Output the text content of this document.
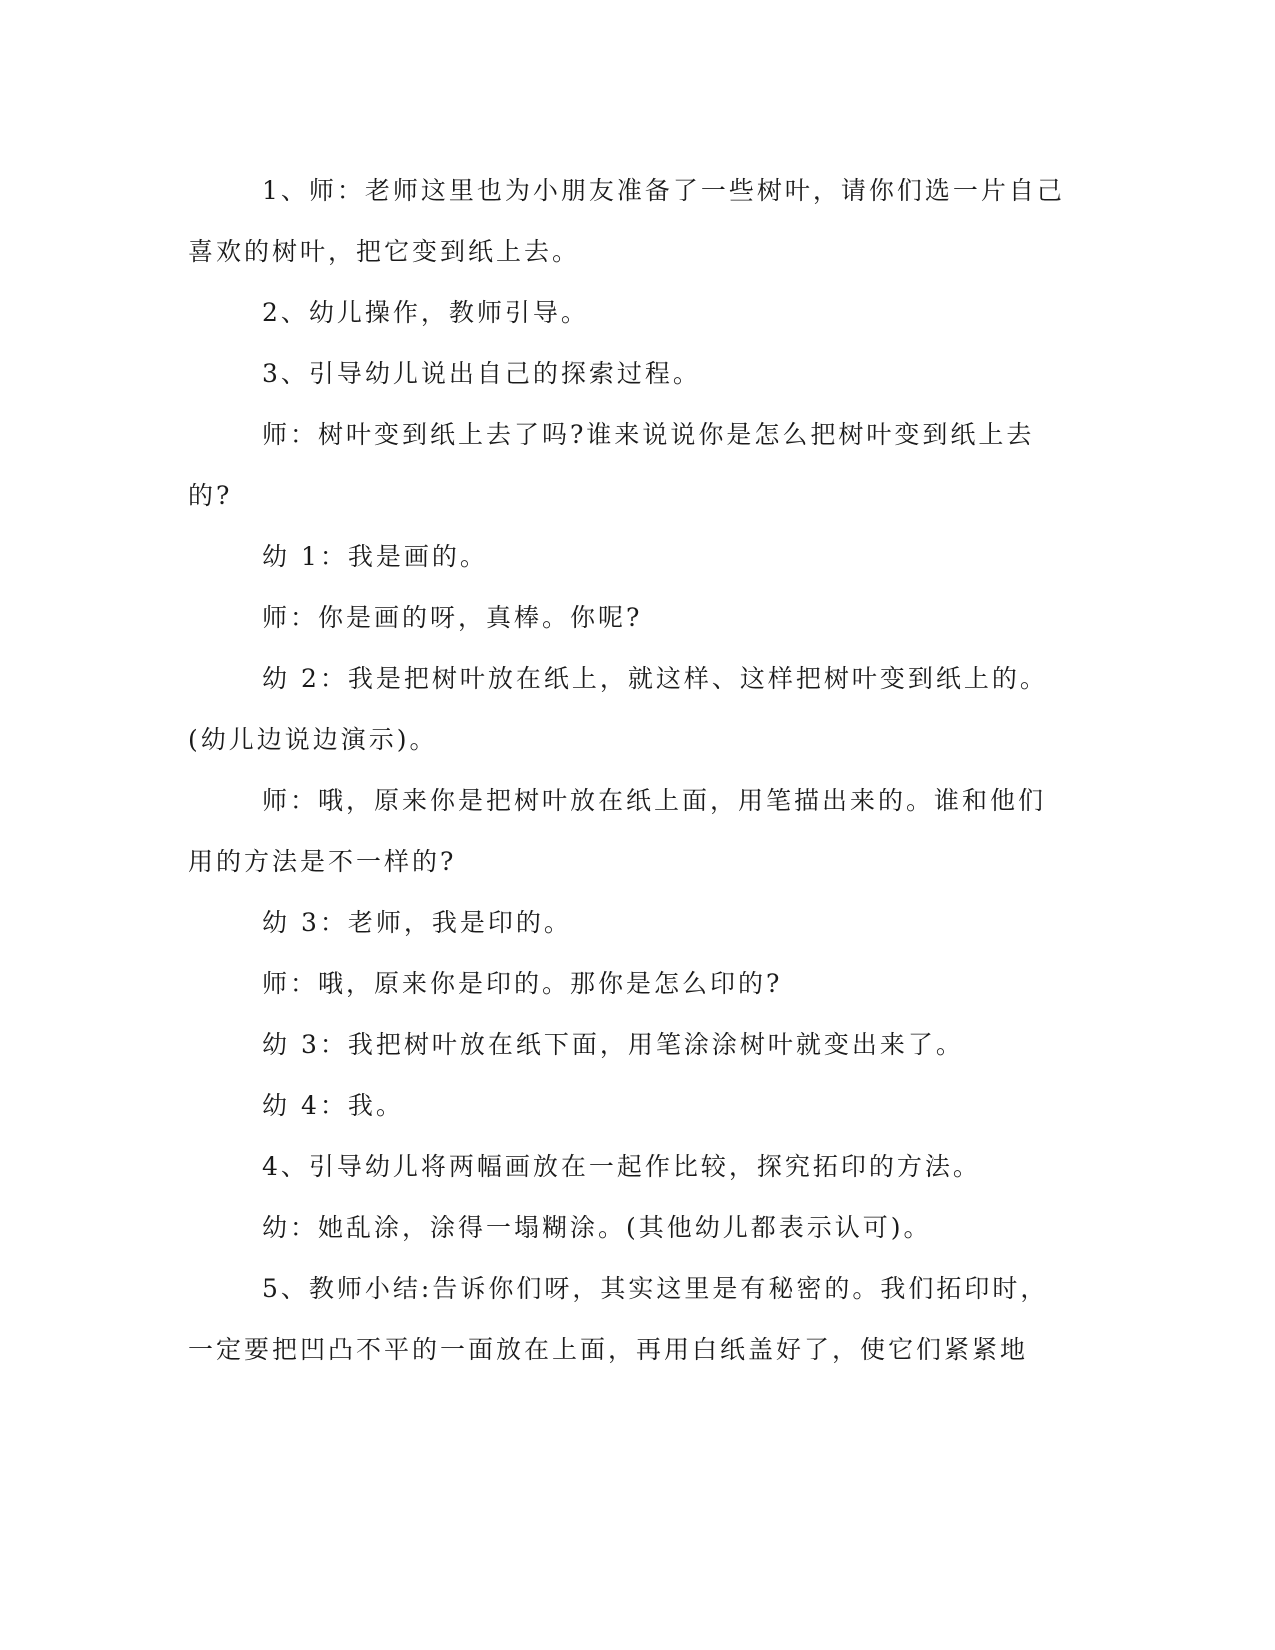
1、师：老师这里也为小朋友准备了一些树叶，请你们选一片自己喜欢的树叶，把它变到纸上去。

2、幼儿操作，教师引导。

3、引导幼儿说出自己的探索过程。

师：树叶变到纸上去了吗?谁来说说你是怎么把树叶变到纸上去的?

幼 1：我是画的。

师：你是画的呀，真棒。你呢?

幼 2：我是把树叶放在纸上，就这样、这样把树叶变到纸上的。(幼儿边说边演示)。

师：哦，原来你是把树叶放在纸上面，用笔描出来的。谁和他们用的方法是不一样的?

幼 3：老师，我是印的。

师：哦，原来你是印的。那你是怎么印的?

幼 3：我把树叶放在纸下面，用笔涂涂树叶就变出来了。

幼 4：我。

4、引导幼儿将两幅画放在一起作比较，探究拓印的方法。

幼：她乱涂，涂得一塌糊涂。(其他幼儿都表示认可)。

5、教师小结:告诉你们呀，其实这里是有秘密的。我们拓印时，一定要把凹凸不平的一面放在上面，再用白纸盖好了，使它们紧紧地
